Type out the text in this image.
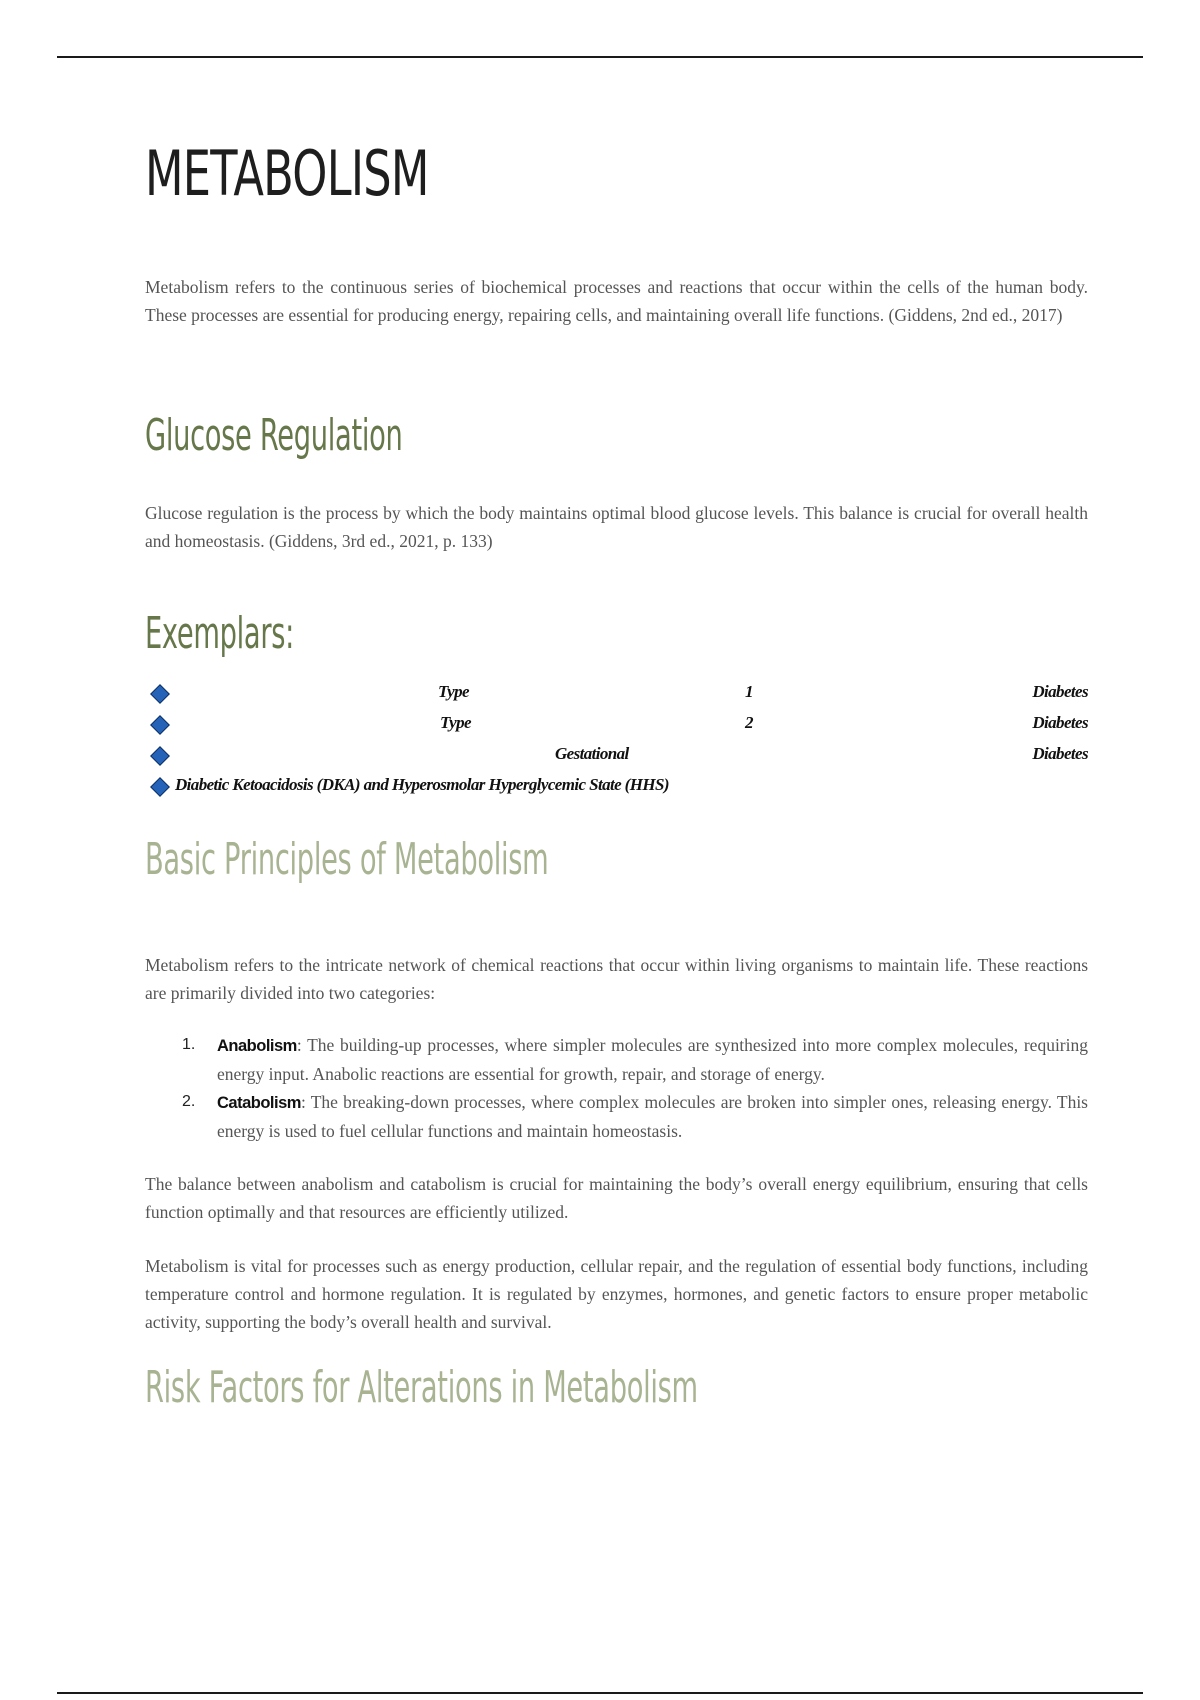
METABOLISM

Metabolism refers to the continuous series of biochemical processes and reactions that occur within the cells of the human body. These processes are essential for producing energy, repairing cells, and maintaining overall life functions. (Giddens, 2nd ed., 2017)

Glucose Regulation

Glucose regulation is the process by which the body maintains optimal blood glucose levels. This balance is crucial for overall health and homeostasis. (Giddens, 3rd ed., 2021, p. 133)

Exemplars:
Type	1	Diabetes
Type	2	Diabetes
Gestational	Diabetes
Diabetic Ketoacidosis (DKA) and Hyperosmolar Hyperglycemic State (HHS)
Basic Principles of Metabolism

Metabolism refers to the intricate network of chemical reactions that occur within living organisms to maintain life. These reactions are primarily divided into two categories:

1. Anabolism: The building-up processes, where simpler molecules are synthesized into more complex molecules, requiring energy input. Anabolic reactions are essential for growth, repair, and storage of energy.
2. Catabolism: The breaking-down processes, where complex molecules are broken into simpler ones, releasing energy. This energy is used to fuel cellular functions and maintain homeostasis.

The balance between anabolism and catabolism is crucial for maintaining the body’s overall energy equilibrium, ensuring that cells function optimally and that resources are efficiently utilized.

Metabolism is vital for processes such as energy production, cellular repair, and the regulation of essential body functions, including temperature control and hormone regulation. It is regulated by enzymes, hormones, and genetic factors to ensure proper metabolic activity, supporting the body’s overall health and survival.

Risk Factors for Alterations in Metabolism
